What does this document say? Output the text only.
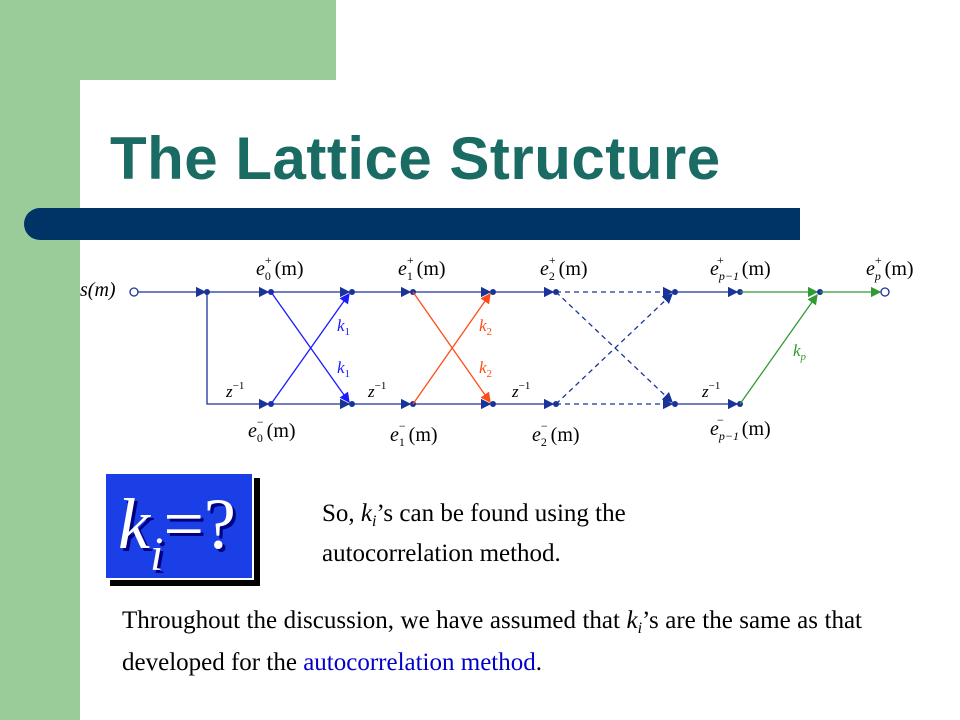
The Lattice Structure
s(m)
$z^{-1}$	$z^{-1}$	$z^{-1}$	$z^{-1}$
$k_1$
$k_1$
$k_2$
$k_2$
$k_p$
$e_0+ (m)$	$e_1+ (m)$	$e_2+ (m)$	$e_{p-1}+ (m)$	$e_p+ (m)$
$e_0- (m)$	$e_1- (m)$	$e_2- (m)$	$e_{p-1}- (m)$
$k_i=$?	So, $k_i’s$ can be found using the autocorrelation method.
Throughout the discussion, we have assumed that $k_i’s$ are the same as that developed for the autocorrelation method.
